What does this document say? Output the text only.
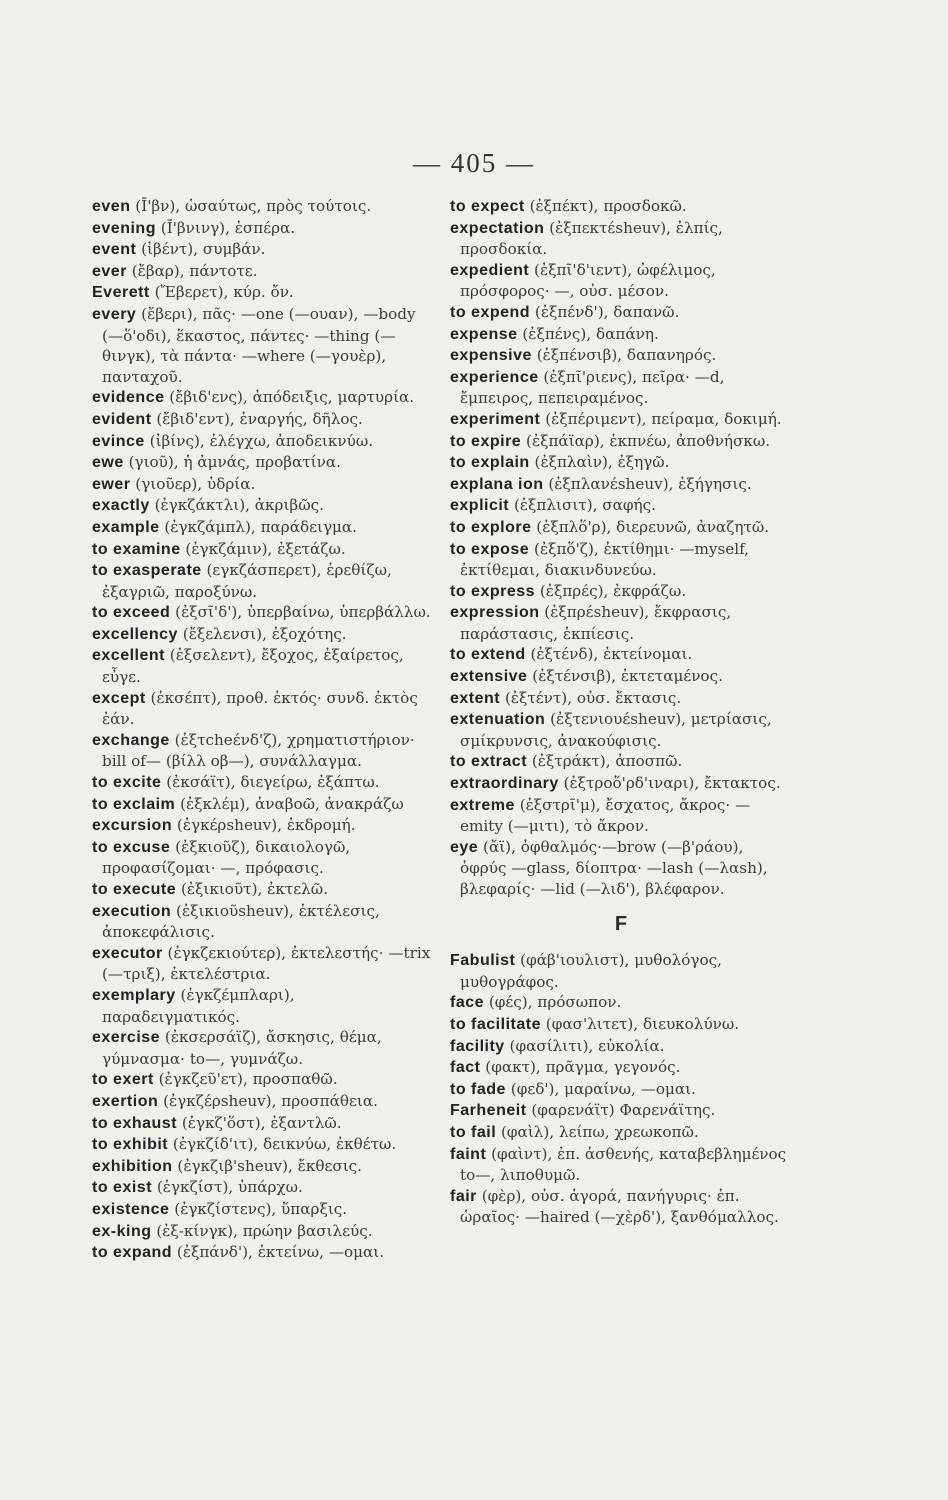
— 405 —

even (Ī'βν), ὡσαύτως, πρὸς τούτοις.

evening (Ī'βνινγ), ἑσπέρα.

event (ἰβέντ), συμβάν.

ever (ἔβαρ), πάντοτε.

Everett (Ἔβερετ), κύρ. ὄν.

every (ἔβερι), πᾶς· —one (—ουαν), —body (—ὅ'οδι), ἕκαστος, πάντες· —thing (—θινγκ), τὰ πάντα· —where (—γουὲρ), πανταχοῦ.

evidence (ἔβιδ'ενς), ἀπόδειξις, μαρτυρία.

evident (ἔβιδ'εντ), ἐναργής, δῆλος.

evince (ἰβίνς), ἐλέγχω, ἀποδεικνύω.

ewe (γιοῦ), ἡ ἀμνάς, προβατίνα.

ewer (γιοῦερ), ὑδρία.

exactly (ἐγκζάκτλι), ἀκριβῶς.

example (ἐγκζάμπλ), παράδειγμα.

to examine (ἐγκζάμιν), ἐξετάζω.

to exasperate (εγκζάσπερετ), ἐρεθίζω, ἐξαγριῶ, παροξύνω.

to exceed (ἐξσῖ'δ'), ὑπερβαίνω, ὑπερβάλλω.

excellency (ἔξελενσι), ἐξοχότης.

excellent (ἐξσελεντ), ἔξοχος, ἐξαίρετος, εὖγε.

except (ἐκσέπτ), προθ. ἐκτός· συνδ. ἐκτὸς ἐάν.

exchange (ἐξτcheένδ'ζ), χρηματιστήριον· bill of— (βίλλ οβ—), συνάλλαγμα.

to excite (ἐκσάϊτ), διεγείρω, ἐξάπτω.

to exclaim (ἐξκλέμ), ἀναβοῶ, ἀνακράζω

excursion (ἐγκέρsheuv), ἐκδρομή.

to excuse (ἐξκιοῦζ), δικαιολογῶ, προφασίζομαι· —, πρόφασις.

to execute (ἐξικιοῦτ), ἐκτελῶ.

execution (ἐξικιοῦsheuv), ἐκτέλεσις, ἀποκεφάλισις.

executor (ἐγκζεκιούτερ), ἐκτελεστής· —trix (—τριξ), ἐκτελέστρια.

exemplary (ἐγκζέμπλαρι), παραδειγματικός.

exercise (ἐκσερσάϊζ), ἄσκησις, θέμα, γύμνασμα· to—, γυμνάζω.

to exert (ἐγκζεῦ'ετ), προσπαθῶ.

exertion (ἐγκζέρsheuv), προσπάθεια.

to exhaust (ἐγκζ'ὅστ), ἐξαντλῶ.

to exhibit (ἐγκζίδ'ιτ), δεικνύω, ἐκθέτω.

exhibition (ἐγκζιβ'sheuv), ἔκθεσις.

to exist (ἐγκζίστ), ὑπάρχω.

existence (ἐγκζίστενς), ὕπαρξις.

ex-king (ἐξ-κίνγκ), πρώην βασιλεύς.

to expand (ἐξπάνδ'), ἐκτείνω, —ομαι.

to expect (ἐξπέκτ), προσδοκῶ.

expectation (ἐξπεκτέsheuv), ἐλπίς, προσδοκία.

expedient (ἐξπῖ'δ'ιεντ), ὠφέλιμος, πρόσφορος· —, οὐσ. μέσον.

to expend (ἐξπένδ'), δαπανῶ.

expense (ἐξπένς), δαπάνη.

expensive (ἐξπένσιβ), δαπανηρός.

experience (ἐξπῖ'ριενς), πεῖρα· —d, ἔμπειρος, πεπειραμένος.

experiment (ἐξπέριμεντ), πείραμα, δοκιμή.

to expire (ἐξπάϊαρ), ἐκπνέω, ἀποθνήσκω.

to explain (ἐξπλαὶν), ἐξηγῶ.

explana ion (ἐξπλανέsheuv), ἐξήγησις.

explicit (ἐξπλισιτ), σαφής.

to explore (ἐξπλὅ'ρ), διερευνῶ, ἀναζητῶ.

to expose (ἐξπὅ'ζ), ἐκτίθημι· —myself, ἐκτίθεμαι, διακινδυνεύω.

to express (ἐξπρές), ἐκφράζω.

expression (ἐξπρέsheuv), ἔκφρασις, παράστασις, ἐκπίεσις.

to extend (ἐξτένδ), ἐκτείνομαι.

extensive (ἐξτένσιβ), ἐκτεταμένος.

extent (ἐξτέντ), οὐσ. ἔκτασις.

extenuation (ἐξτενιουέsheuv), μετρίασις, σμίκρυνσις, ἀνακούφισις.

to extract (ἐξτράκτ), ἀποσπῶ.

extraordinary (ἐξτροὅ'ρδ'ιναρι), ἔκτακτος.

extreme (ἐξστρῖ'μ), ἔσχατος, ἄκρος· —emity (—μιτι), τὸ ἄκρον.

eye (ἄϊ), ὀφθαλμός·—brow (—β'ράου), ὀφρύς —glass, δίοπτρα· —lash (—λαsh), βλεφαρίς· —lid (—λιδ'), βλέφαρον.

F

Fabulist (φάβ'ιουλιστ), μυθολόγος, μυθογράφος.

face (φές), πρόσωπον.

to facilitate (φασ'λιτετ), διευκολύνω.

facility (φασίλιτι), εὐκολία.

fact (φακτ), πρᾶγμα, γεγονός.

to fade (φεδ'), μαραίνω, —ομαι.

Farheneit (φαρενάϊτ) Φαρενάϊτης.

to fail (φαὶλ), λείπω, χρεωκοπῶ.

faint (φαὶντ), ἐπ. ἀσθενής, καταβεβλημένος to—, λιποθυμῶ.

fair (φὲρ), οὐσ. ἀγορά, πανήγυρις· ἐπ. ὡραῖος· —haired (—χὲρδ'), ξανθόμαλλος.
